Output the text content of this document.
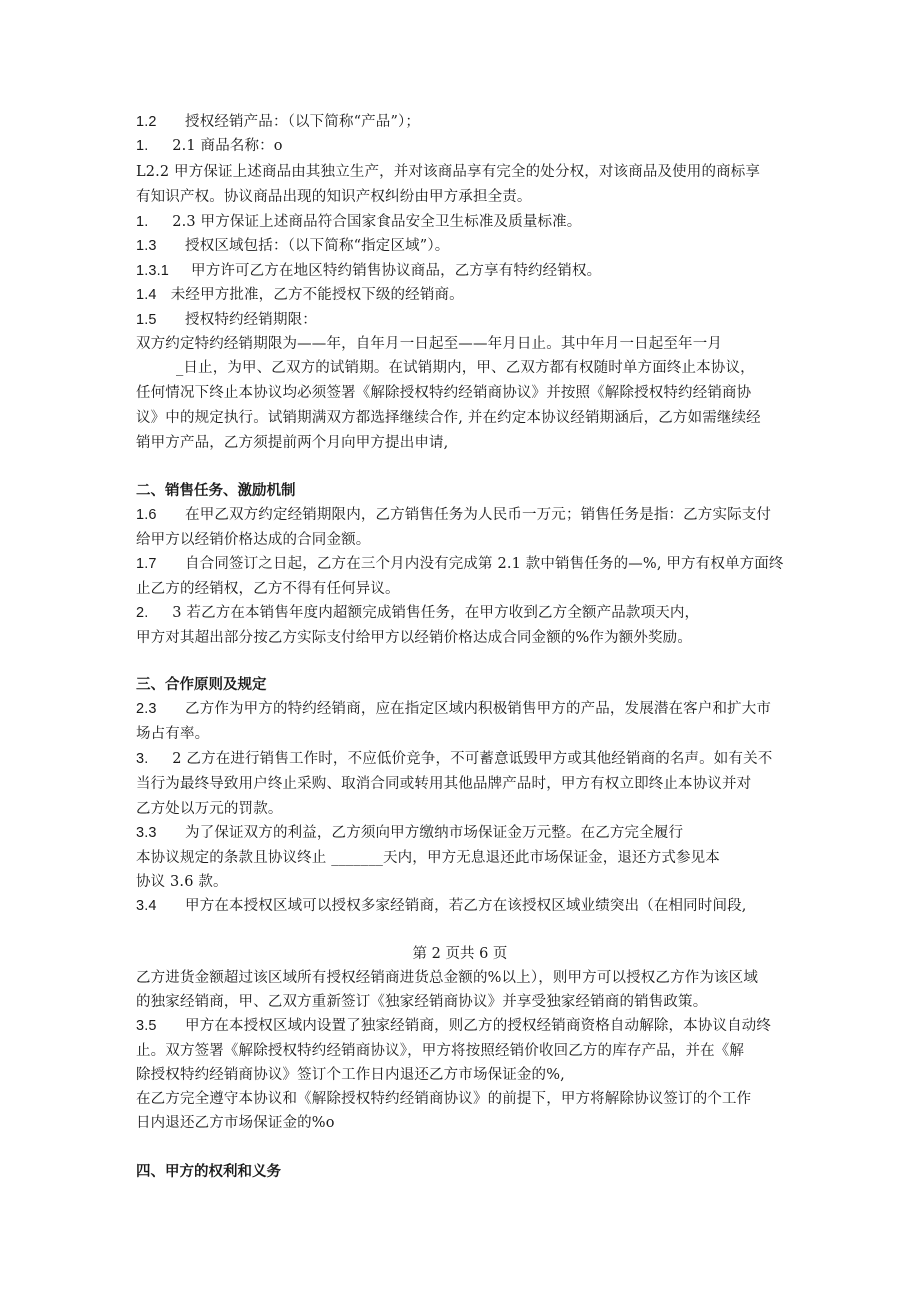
1.2 授权经销产品：（以下简称“产品”）；
1. 2.1 商品名称：o
L2.2 甲方保证上述商品由其独立生产，并对该商品享有完全的处分权，对该商品及使用的商标享
有知识产权。协议商品出现的知识产权纠纷由甲方承担全责。
1. 2.3 甲方保证上述商品符合国家食品安全卫生标准及质量标准。
1.3 授权区域包括：（以下简称“指定区域”）。
1.3.1 甲方许可乙方在地区特约销售协议商品，乙方享有特约经销权。
1.4 未经甲方批准，乙方不能授权下级的经销商。
1.5 授权特约经销期限：
双方约定特约经销期限为——年，自年月一日起至——年月日止。其中年月一日起至年一月
_日止，为甲、乙双方的试销期。在试销期内，甲、乙双方都有权随时单方面终止本协议，
任何情况下终止本协议均必须签署《解除授权特约经销商协议》并按照《解除授权特约经销商协
议》中的规定执行。试销期满双方都选择继续合作, 并在约定本协议经销期涵后，乙方如需继续经
销甲方产品，乙方须提前两个月向甲方提出申请,
二、销售任务、激励机制
1.6 在甲乙双方约定经销期限内，乙方销售任务为人民币一万元；销售任务是指：乙方实际支付
给甲方以经销价格达成的合同金额。
1.7 自合同签订之日起，乙方在三个月内没有完成第 2.1 款中销售任务的—%, 甲方有权单方面终
止乙方的经销权，乙方不得有任何异议。
2. 3 若乙方在本销售年度内超额完成销售任务，在甲方收到乙方全额产品款项天内，
甲方对其超出部分按乙方实际支付给甲方以经销价格达成合同金额的%作为额外奖励。
三、合作原则及规定
2.3 乙方作为甲方的特约经销商，应在指定区域内积极销售甲方的产品，发展潜在客户和扩大市
场占有率。
3. 2 乙方在进行销售工作时，不应低价竞争，不可蓄意诋毁甲方或其他经销商的名声。如有关不
当行为最终导致用户终止采购、取消合同或转用其他品牌产品时，甲方有权立即终止本协议并对
乙方处以万元的罚款。
3.3 为了保证双方的利益，乙方须向甲方缴纳市场保证金万元整。在乙方完全履行
本协议规定的条款且协议终止 _______天内，甲方无息退还此市场保证金，退还方式参见本
协议 3.6 款。
3.4 甲方在本授权区域可以授权多家经销商，若乙方在该授权区域业绩突出（在相同时间段,
第 2 页共 6 页
乙方进货金额超过该区域所有授权经销商进货总金额的%以上），则甲方可以授权乙方作为该区域
的独家经销商，甲、乙双方重新签订《独家经销商协议》并享受独家经销商的销售政策。
3.5 甲方在本授权区域内设置了独家经销商，则乙方的授权经销商资格自动解除，本协议自动终
止。双方签署《解除授权特约经销商协议》，甲方将按照经销价收回乙方的库存产品，并在《解
除授权特约经销商协议》签订个工作日内退还乙方市场保证金的%,
在乙方完全遵守本协议和《解除授权特约经销商协议》的前提下，甲方将解除协议签订的个工作
日内退还乙方市场保证金的%o
四、甲方的权利和义务
